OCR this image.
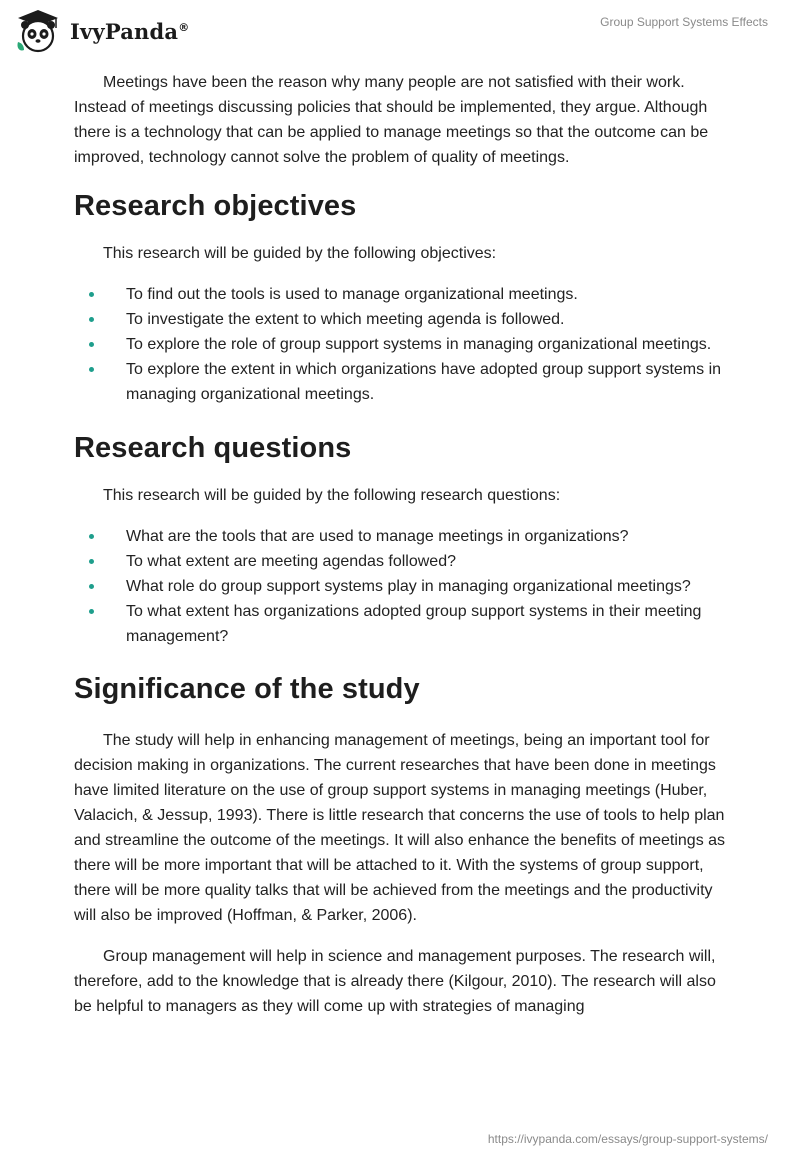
IvyPanda®	Group Support Systems Effects

Meetings have been the reason why many people are not satisfied with their work. Instead of meetings discussing policies that should be implemented, they argue. Although there is a technology that can be applied to manage meetings so that the outcome can be improved, technology cannot solve the problem of quality of meetings.

Research objectives

This research will be guided by the following objectives:

To find out the tools is used to manage organizational meetings.
To investigate the extent to which meeting agenda is followed.
To explore the role of group support systems in managing organizational meetings.
To explore the extent in which organizations have adopted group support systems in managing organizational meetings.
Research questions

This research will be guided by the following research questions:

What are the tools that are used to manage meetings in organizations?
To what extent are meeting agendas followed?
What role do group support systems play in managing organizational meetings?
To what extent has organizations adopted group support systems in their meeting management?
Significance of the study

The study will help in enhancing management of meetings, being an important tool for decision making in organizations. The current researches that have been done in meetings have limited literature on the use of group support systems in managing meetings (Huber, Valacich, & Jessup, 1993). There is little research that concerns the use of tools to help plan and streamline the outcome of the meetings. It will also enhance the benefits of meetings as there will be more important that will be attached to it. With the systems of group support, there will be more quality talks that will be achieved from the meetings and the productivity will also be improved (Hoffman, & Parker, 2006).

Group management will help in science and management purposes. The research will, therefore, add to the knowledge that is already there (Kilgour, 2010). The research will also be helpful to managers as they will come up with strategies of managing

https://ivypanda.com/essays/group-support-systems/
